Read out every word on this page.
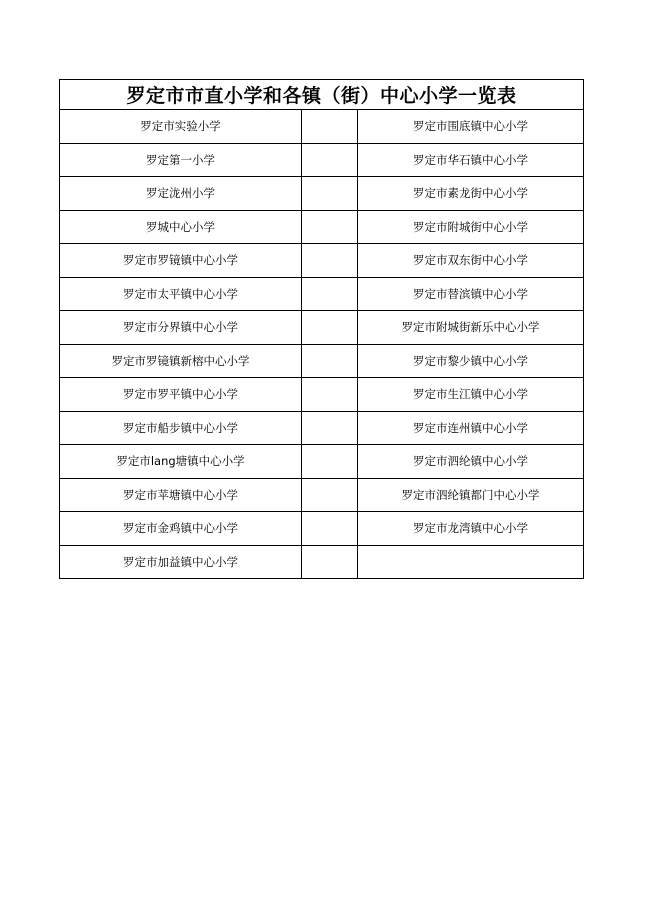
罗定市市直小学和各镇（街）中心小学一览表		
罗定市实验小学		罗定市围底镇中心小学
罗定第一小学		罗定市华石镇中心小学
罗定泷州小学		罗定市素龙街中心小学
罗城中心小学		罗定市附城街中心小学
罗定市罗镜镇中心小学		罗定市双东街中心小学
罗定市太平镇中心小学		罗定市替滨镇中心小学
罗定市分界镇中心小学		罗定市附城街新乐中心小学
罗定市罗镜镇新榕中心小学		罗定市黎少镇中心小学
罗定市罗平镇中心小学		罗定市生江镇中心小学
罗定市船步镇中心小学		罗定市连州镇中心小学
罗定市lang塘镇中心小学		罗定市泗纶镇中心小学
罗定市苹塘镇中心小学		罗定市泗纶镇都门中心小学
罗定市金鸡镇中心小学		罗定市龙湾镇中心小学
罗定市加益镇中心小学		
